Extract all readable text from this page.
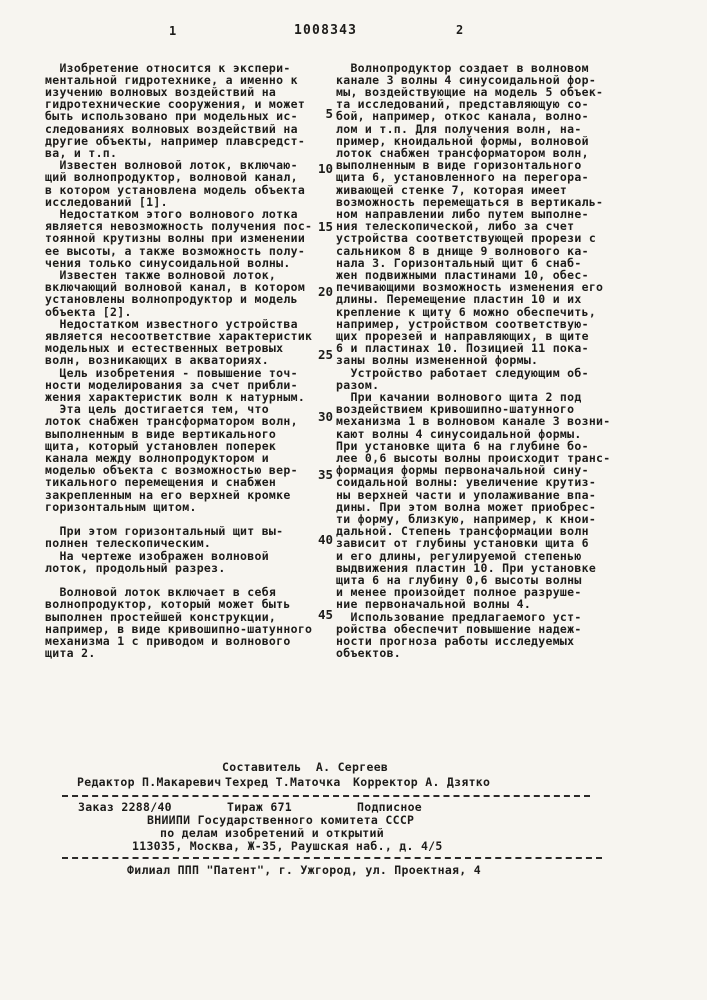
1	1008343	2
Изобретение относится к экспери-
ментальной гидротехнике, а именно к
изучению волновых воздействий на
гидротехнические сооружения, и может
быть использовано при модельных ис-
следованиях волновых воздействий на
другие объекты, например плавсредст-
ва, и т.п.
Известен волновой лоток, включаю-
щий волнопродуктор, волновой канал,
в котором установлена модель объекта
исследований [1].
Недостатком этого волнового лотка
является невозможность получения пос-
тоянной крутизны волны при изменении
ее высоты, а также возможность полу-
чения только синусоидальной волны.
Известен также волновой лоток,
включающий волновой канал, в котором
установлены волнопродуктор и модель
объекта [2].
Недостатком известного устройства
является несоответствие характеристик
модельных и естественных ветровых
волн, возникающих в акваториях.
Цель изобретения - повышение точ-
ности моделирования за счет прибли-
жения характеристик волн к натурным.
Эта цель достигается тем, что
лоток снабжен трансформатором волн,
выполненным в виде вертикального
щита, который установлен поперек
канала между волнопродуктором и
моделью объекта с возможностью вер-
тикального перемещения и снабжен
закрепленным на его верхней кромке
горизонтальным щитом.

При этом горизонтальный щит вы-
полнен телескопическим.
На чертеже изображен волновой
лоток, продольный разрез.

Волновой лоток включает в себя
волнопродуктор, который может быть
выполнен простейшей конструкции,
например, в виде кривошипно-шатунного
механизма 1 с приводом и волнового
щита 2.
Волнопродуктор создает в волновом
канале 3 волны 4 синусоидальной фор-
мы, воздействующие на модель 5 объек-
та исследований, представляющую со-
бой, например, откос канала, волно-
лом и т.п. Для получения волн, на-
пример, кноидальной формы, волновой
лоток снабжен трансформатором волн,
выполненным в виде горизонтального
щита 6, установленного на перегора-
живающей стенке 7, которая имеет
возможность перемещаться в вертикаль-
ном направлении либо путем выполне-
ния телескопической, либо за счет
устройства соответствующей прорези с
сальником 8 в днище 9 волнового ка-
нала 3. Горизонтальный щит 6 снаб-
жен подвижными пластинами 10, обес-
печивающими возможность изменения его
длины. Перемещение пластин 10 и их
крепление к щиту 6 можно обеспечить,
например, устройством соответствую-
щих прорезей и направляющих, в щите
6 и пластинах 10. Позицией 11 пока-
заны волны измененной формы.
Устройство работает следующим об-
разом.
При качании волнового щита 2 под
воздействием кривошипно-шатунного
механизма 1 в волновом канале 3 возни-
кают волны 4 синусоидальной формы.
При установке щита 6 на глубине бо-
лее 0,6 высоты волны происходит транс-
формация формы первоначальной сину-
соидальной волны: увеличение крутиз-
ны верхней части и уполаживание впа-
дины. При этом волна может приобрес-
ти форму, близкую, например, к кнои-
дальной. Степень трансформации волн
зависит от глубины установки щита 6
и его длины, регулируемой степенью
выдвижения пластин 10. При установке
щита 6 на глубину 0,6 высоты волны
и менее произойдет полное разруше-
ние первоначальной волны 4.
Использование предлагаемого уст-
ройства обеспечит повышение надеж-
ности прогноза работы исследуемых
объектов.
5
10
15
20
25
30
35
40
45
Составитель  А. Сергеев
Редактор П.Макаревич Техред Т.Маточка Корректор А. Дзятко
Заказ 2288/40	Тираж 671	Подписное
ВНИИПИ Государственного комитета СССР
по делам изобретений и открытий
113035, Москва, Ж-35, Раушская наб., д. 4/5
Филиал ППП "Патент", г. Ужгород, ул. Проектная, 4
